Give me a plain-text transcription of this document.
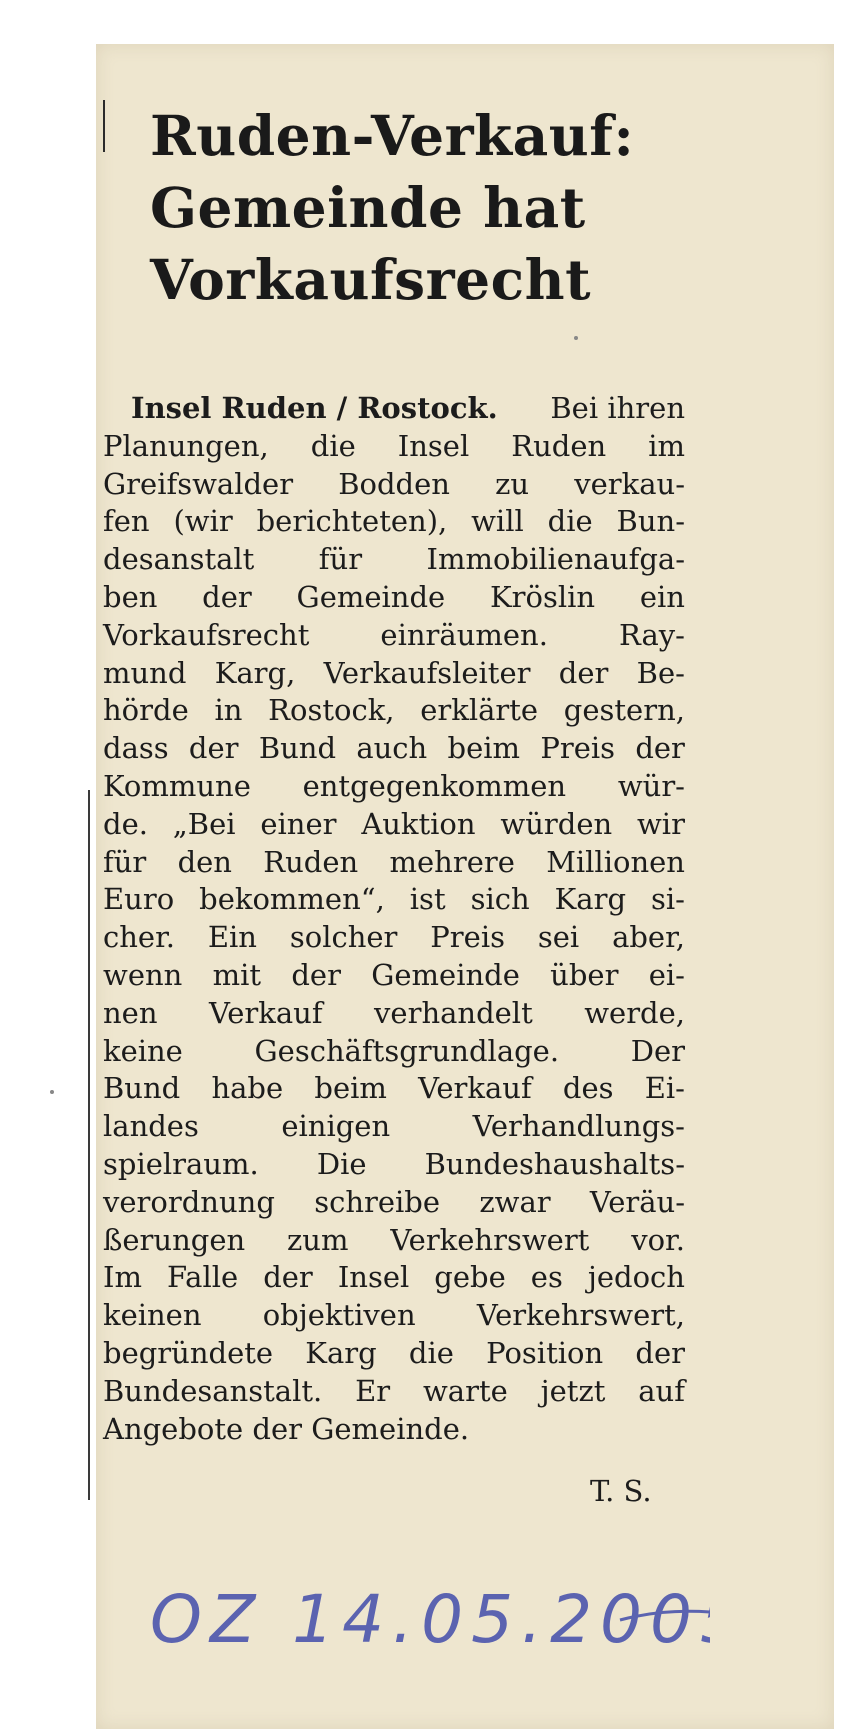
Ruden-Verkauf:
Gemeinde hat
Vorkaufsrecht
Insel Ruden / Rostock. Bei ihren
Planungen, die Insel Ruden im
Greifswalder Bodden zu verkau-
fen (wir berichteten), will die Bun-
desanstalt für Immobilienaufga-
ben der Gemeinde Kröslin ein
Vorkaufsrecht einräumen. Ray-
mund Karg, Verkaufsleiter der Be-
hörde in Rostock, erklärte gestern,
dass der Bund auch beim Preis der
Kommune entgegenkommen wür-
de. „Bei einer Auktion würden wir
für den Ruden mehrere Millionen
Euro bekommen“, ist sich Karg si-
cher. Ein solcher Preis sei aber,
wenn mit der Gemeinde über ei-
nen Verkauf verhandelt werde,
keine Geschäftsgrundlage. Der
Bund habe beim Verkauf des Ei-
landes	einigen	Verhandlungs-
spielraum. Die Bundeshaushalts-
verordnung schreibe zwar Veräu-
ßerungen zum Verkehrswert vor.
Im Falle der Insel gebe es jedoch
keinen objektiven Verkehrswert,
begründete Karg die Position der
Bundesanstalt. Er warte jetzt auf
Angebote der Gemeinde.
T. S.
OZ 14.05.2005
